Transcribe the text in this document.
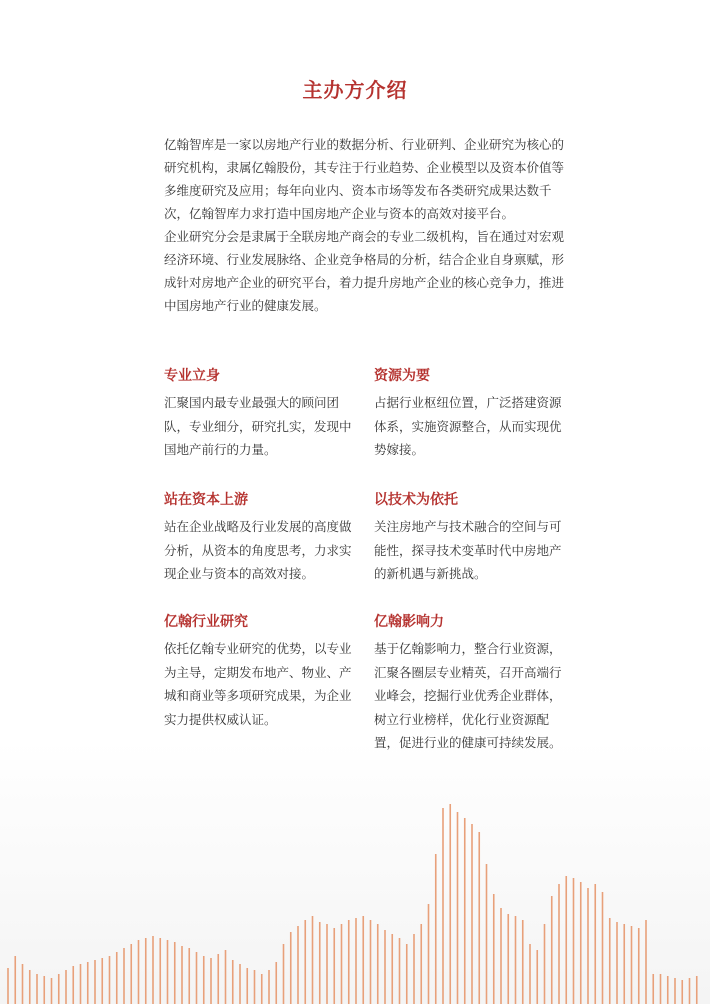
主办方介绍

亿翰智库是一家以房地产行业的数据分析、行业研判、企业研究为核心的研究机构，隶属亿翰股份，其专注于行业趋势、企业模型以及资本价值等多维度研究及应用；每年向业内、资本市场等发布各类研究成果达数千次，亿翰智库力求打造中国房地产企业与资本的高效对接平台。

企业研究分会是隶属于全联房地产商会的专业二级机构，旨在通过对宏观经济环境、行业发展脉络、企业竞争格局的分析，结合企业自身禀赋，形成针对房地产企业的研究平台，着力提升房地产企业的核心竞争力，推进中国房地产行业的健康发展。

专业立身

汇聚国内最专业最强大的顾问团队，专业细分，研究扎实，发现中国地产前行的力量。

资源为要

占据行业枢纽位置，广泛搭建资源体系，实施资源整合，从而实现优势嫁接。

站在资本上游

站在企业战略及行业发展的高度做分析，从资本的角度思考，力求实现企业与资本的高效对接。

以技术为依托

关注房地产与技术融合的空间与可能性，探寻技术变革时代中房地产的新机遇与新挑战。

亿翰行业研究

依托亿翰专业研究的优势，以专业为主导，定期发布地产、物业、产城和商业等多项研究成果，为企业实力提供权威认证。

亿翰影响力

基于亿翰影响力，整合行业资源，汇聚各圈层专业精英，召开高端行业峰会，挖掘行业优秀企业群体，树立行业榜样，优化行业资源配置，促进行业的健康可持续发展。
